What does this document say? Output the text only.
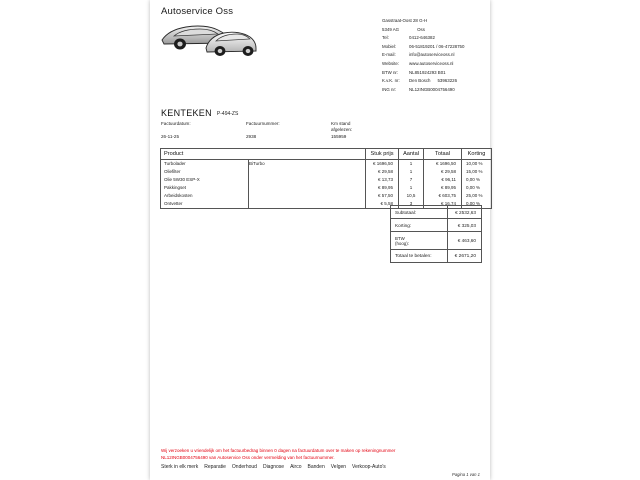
Autoservice Oss
Gasstraat-Oost 28 G-H
5349 AG	Oss
Tel:	0412-646382
Mobiel:	06-51819201 / 06-47228750
E-mail:	info@autoserviceoss.nl
Website:	www.autoserviceoss.nl
BTW nr:	NL851924293 B01
K.v.K. nr:	Den Bosch 53963226
ING nr:	NL12INGB0004756490
KENTEKEN P-494-ZS
Factuurdatum:
26-11-25
Factuurnummer:
2938
Km stand
afgelezen:
155959
Product		Stuk prijs	Aantal	Totaal	Korting
Turbolader	BiTurbo	€ 1696,50	1	€ 1696,50	10,00 %
Oliefilter		€ 29,58	1	€ 29,58	15,00 %
Olie 5W30 ESP-X		€ 13,73	7	€ 96,11	0,00 %
Pakkingset		€ 89,95	1	€ 89,95	0,00 %
Arbeidskosten		€ 57,50	10,5	€ 603,75	25,00 %
Ontvetter		€ 5,58	3	€ 16,74	0,00 %
Subtotaal:	€ 2532,63
Korting:	€ 325,03

BTW
(hoog):	€ 463,60
Totaal te betalen:	€ 2671,20
Wij verzoeken u vriendelijk om het factuurbedrag binnen 0 dagen na factuurdatum over te maken op rekeningnummer
NL12INGB0004756490 van Autoservice Oss onder vermelding van het factuurnummer.
Sterk in elk merk Reparatie Onderhoud Diagnose Airco Banden Velgen Verkoop-Auto's
Pagina 1 van 1
